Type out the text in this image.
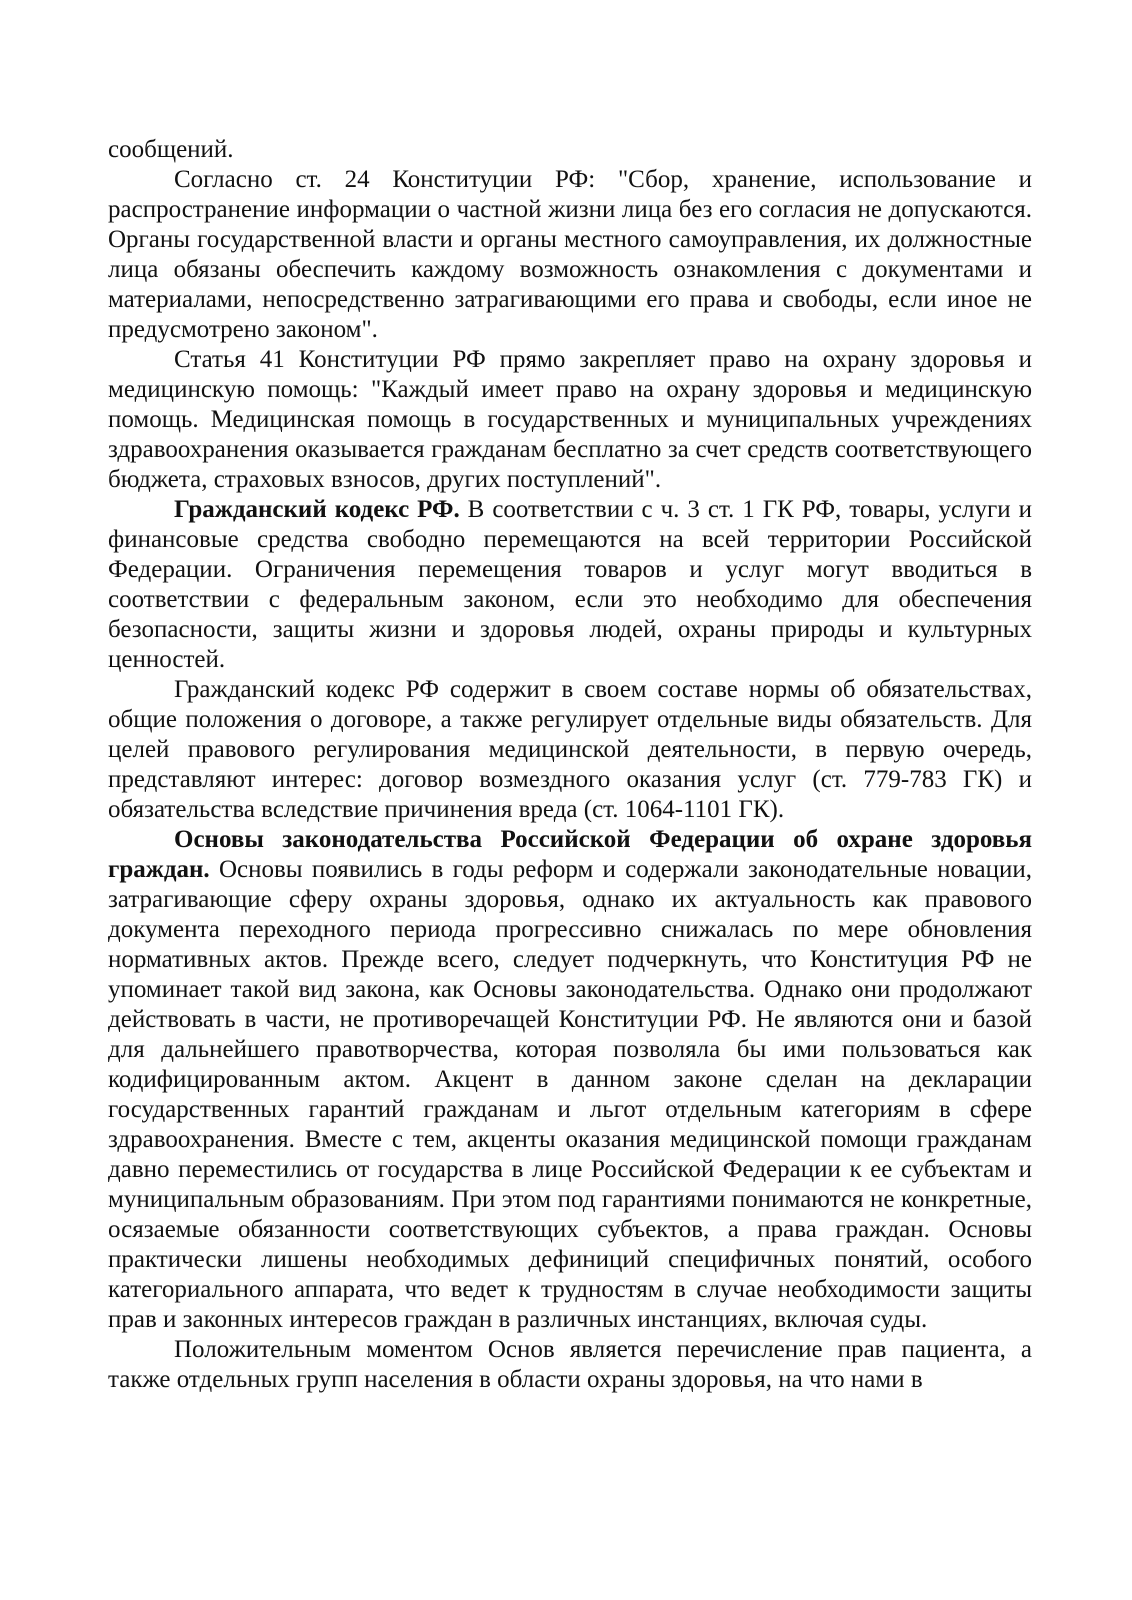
сообщений.

Согласно ст. 24 Конституции РФ: "Сбор, хранение, использование и распространение информации о частной жизни лица без его согласия не допускаются. Органы государственной власти и органы местного самоуправления, их должностные лица обязаны обеспечить каждому возможность ознакомления с документами и материалами, непосредственно затрагивающими его права и свободы, если иное не предусмотрено законом".

Статья 41 Конституции РФ прямо закрепляет право на охрану здоровья и медицинскую помощь: "Каждый имеет право на охрану здоровья и медицинскую помощь. Медицинская помощь в государственных и муниципальных учреждениях здравоохранения оказывается гражданам бесплатно за счет средств соответствующего бюджета, страховых взносов, других поступлений".

Гражданский кодекс РФ. В соответствии с ч. 3 ст. 1 ГК РФ, товары, услуги и финансовые средства свободно перемещаются на всей территории Российской Федерации. Ограничения перемещения товаров и услуг могут вводиться в соответствии с федеральным законом, если это необходимо для обеспечения безопасности, защиты жизни и здоровья людей, охраны природы и культурных ценностей.

Гражданский кодекс РФ содержит в своем составе нормы об обязательствах, общие положения о договоре, а также регулирует отдельные виды обязательств. Для целей правового регулирования медицинской деятельности, в первую очередь, представляют интерес: договор возмездного оказания услуг (ст. 779-783 ГК) и обязательства вследствие причинения вреда (ст. 1064-1101 ГК).

Основы законодательства Российской Федерации об охране здоровья граждан. Основы появились в годы реформ и содержали законодательные новации, затрагивающие сферу охраны здоровья, однако их актуальность как правового документа переходного периода прогрессивно снижалась по мере обновления нормативных актов. Прежде всего, следует подчеркнуть, что Конституция РФ не упоминает такой вид закона, как Основы законодательства. Однако они продолжают действовать в части, не противоречащей Конституции РФ. Не являются они и базой для дальнейшего правотворчества, которая позволяла бы ими пользоваться как кодифицированным актом. Акцент в данном законе сделан на декларации государственных гарантий гражданам и льгот отдельным категориям в сфере здравоохранения. Вместе с тем, акценты оказания медицинской помощи гражданам давно переместились от государства в лице Российской Федерации к ее субъектам и муниципальным образованиям. При этом под гарантиями понимаются не конкретные, осязаемые обязанности соответствующих субъектов, а права граждан. Основы практически лишены необходимых дефиниций специфичных понятий, особого категориального аппарата, что ведет к трудностям в случае необходимости защиты прав и законных интересов граждан в различных инстанциях, включая суды.

Положительным моментом Основ является перечисление прав пациента, а также отдельных групп населения в области охраны здоровья, на что нами в
